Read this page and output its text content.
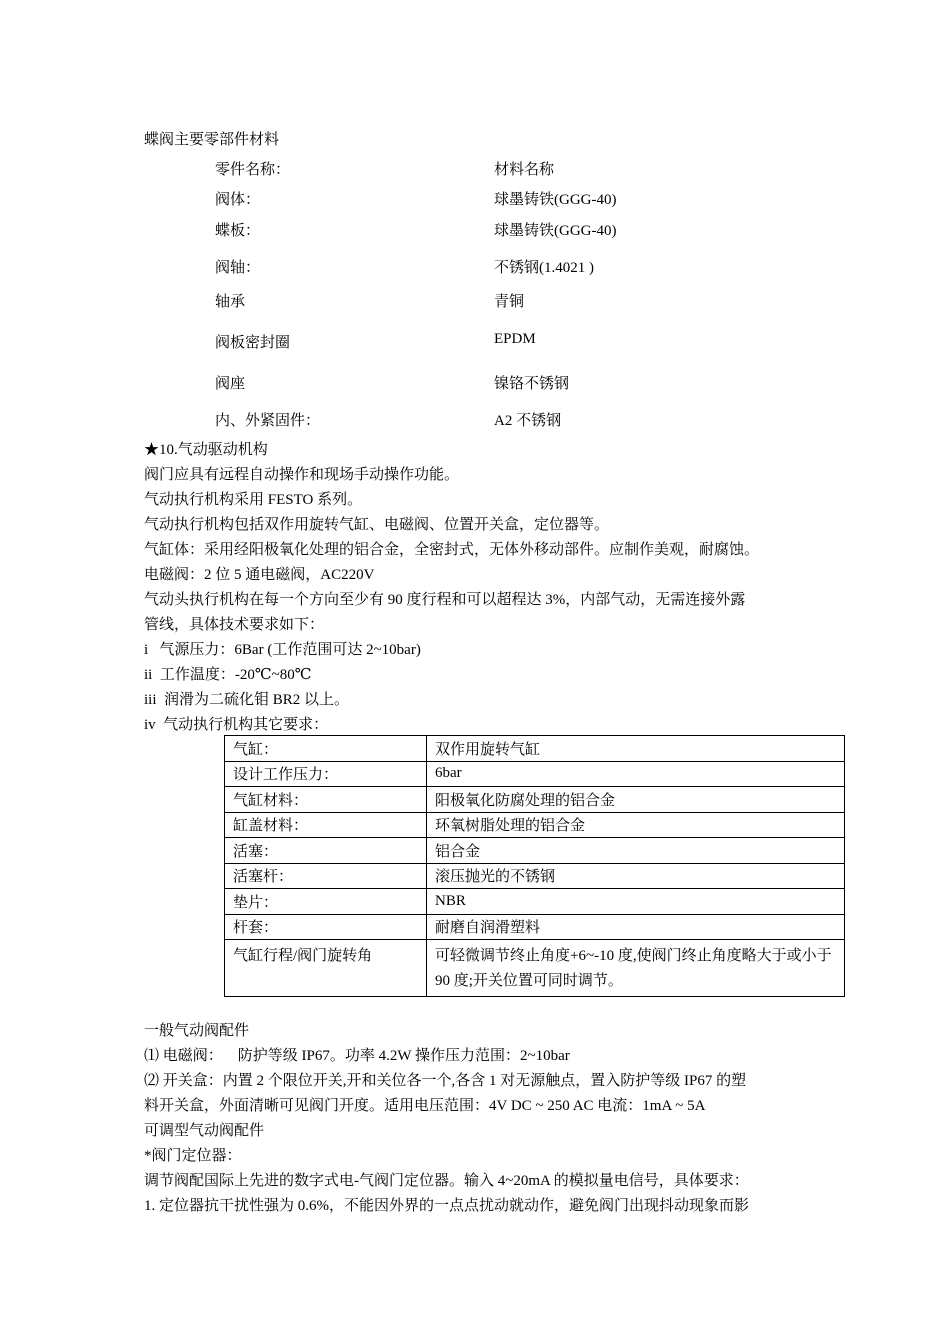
蝶阀主要零部件材料
零件名称：	材料名称
阀体：	球墨铸铁(GGG-40)
蝶板：	球墨铸铁(GGG-40)
阀轴：	不锈钢(1.4021 )
轴承	青铜
阀板密封圈	EPDM
阀座	镍铬不锈钢
内、外紧固件：	A2 不锈钢
★10.气动驱动机构
阀门应具有远程自动操作和现场手动操作功能。
气动执行机构采用 FESTO 系列。
气动执行机构包括双作用旋转气缸、电磁阀、位置开关盒，定位器等。
气缸体：采用经阳极氧化处理的铝合金，全密封式，无体外移动部件。应制作美观，耐腐蚀。
电磁阀：2 位 5 通电磁阀，AC220V
气动头执行机构在每一个方向至少有 90 度行程和可以超程达 3%，内部气动，无需连接外露
管线，具体技术要求如下：
i   气源压力：6Bar (工作范围可达 2~10bar)
ii  工作温度：-20℃~80℃
iii  润滑为二硫化钼 BR2 以上。
iv  气动执行机构其它要求：
气缸：	双作用旋转气缸
设计工作压力：	6bar
气缸材料：	阳极氧化防腐处理的铝合金
缸盖材料：	环氧树脂处理的铝合金
活塞：	铝合金
活塞杆：	滚压抛光的不锈钢
垫片：	NBR
杆套：	耐磨自润滑塑料
气缸行程/阀门旋转角	可轻微调节终止角度+6~-10 度,使阀门终止角度略大于或小于 90 度;开关位置可同时调节。
一般气动阀配件
⑴ 电磁阀：    防护等级 IP67。功率 4.2W 操作压力范围：2~10bar
⑵ 开关盒：内置 2 个限位开关,开和关位各一个,各含 1 对无源触点，置入防护等级 IP67 的塑
料开关盒，外面清晰可见阀门开度。适用电压范围：4V DC ~ 250 AC 电流：1mA ~ 5A
可调型气动阀配件
*阀门定位器：
调节阀配国际上先进的数字式电-气阀门定位器。输入 4~20mA 的模拟量电信号，具体要求：
1. 定位器抗干扰性强为 0.6%，不能因外界的一点点扰动就动作，避免阀门出现抖动现象而影
